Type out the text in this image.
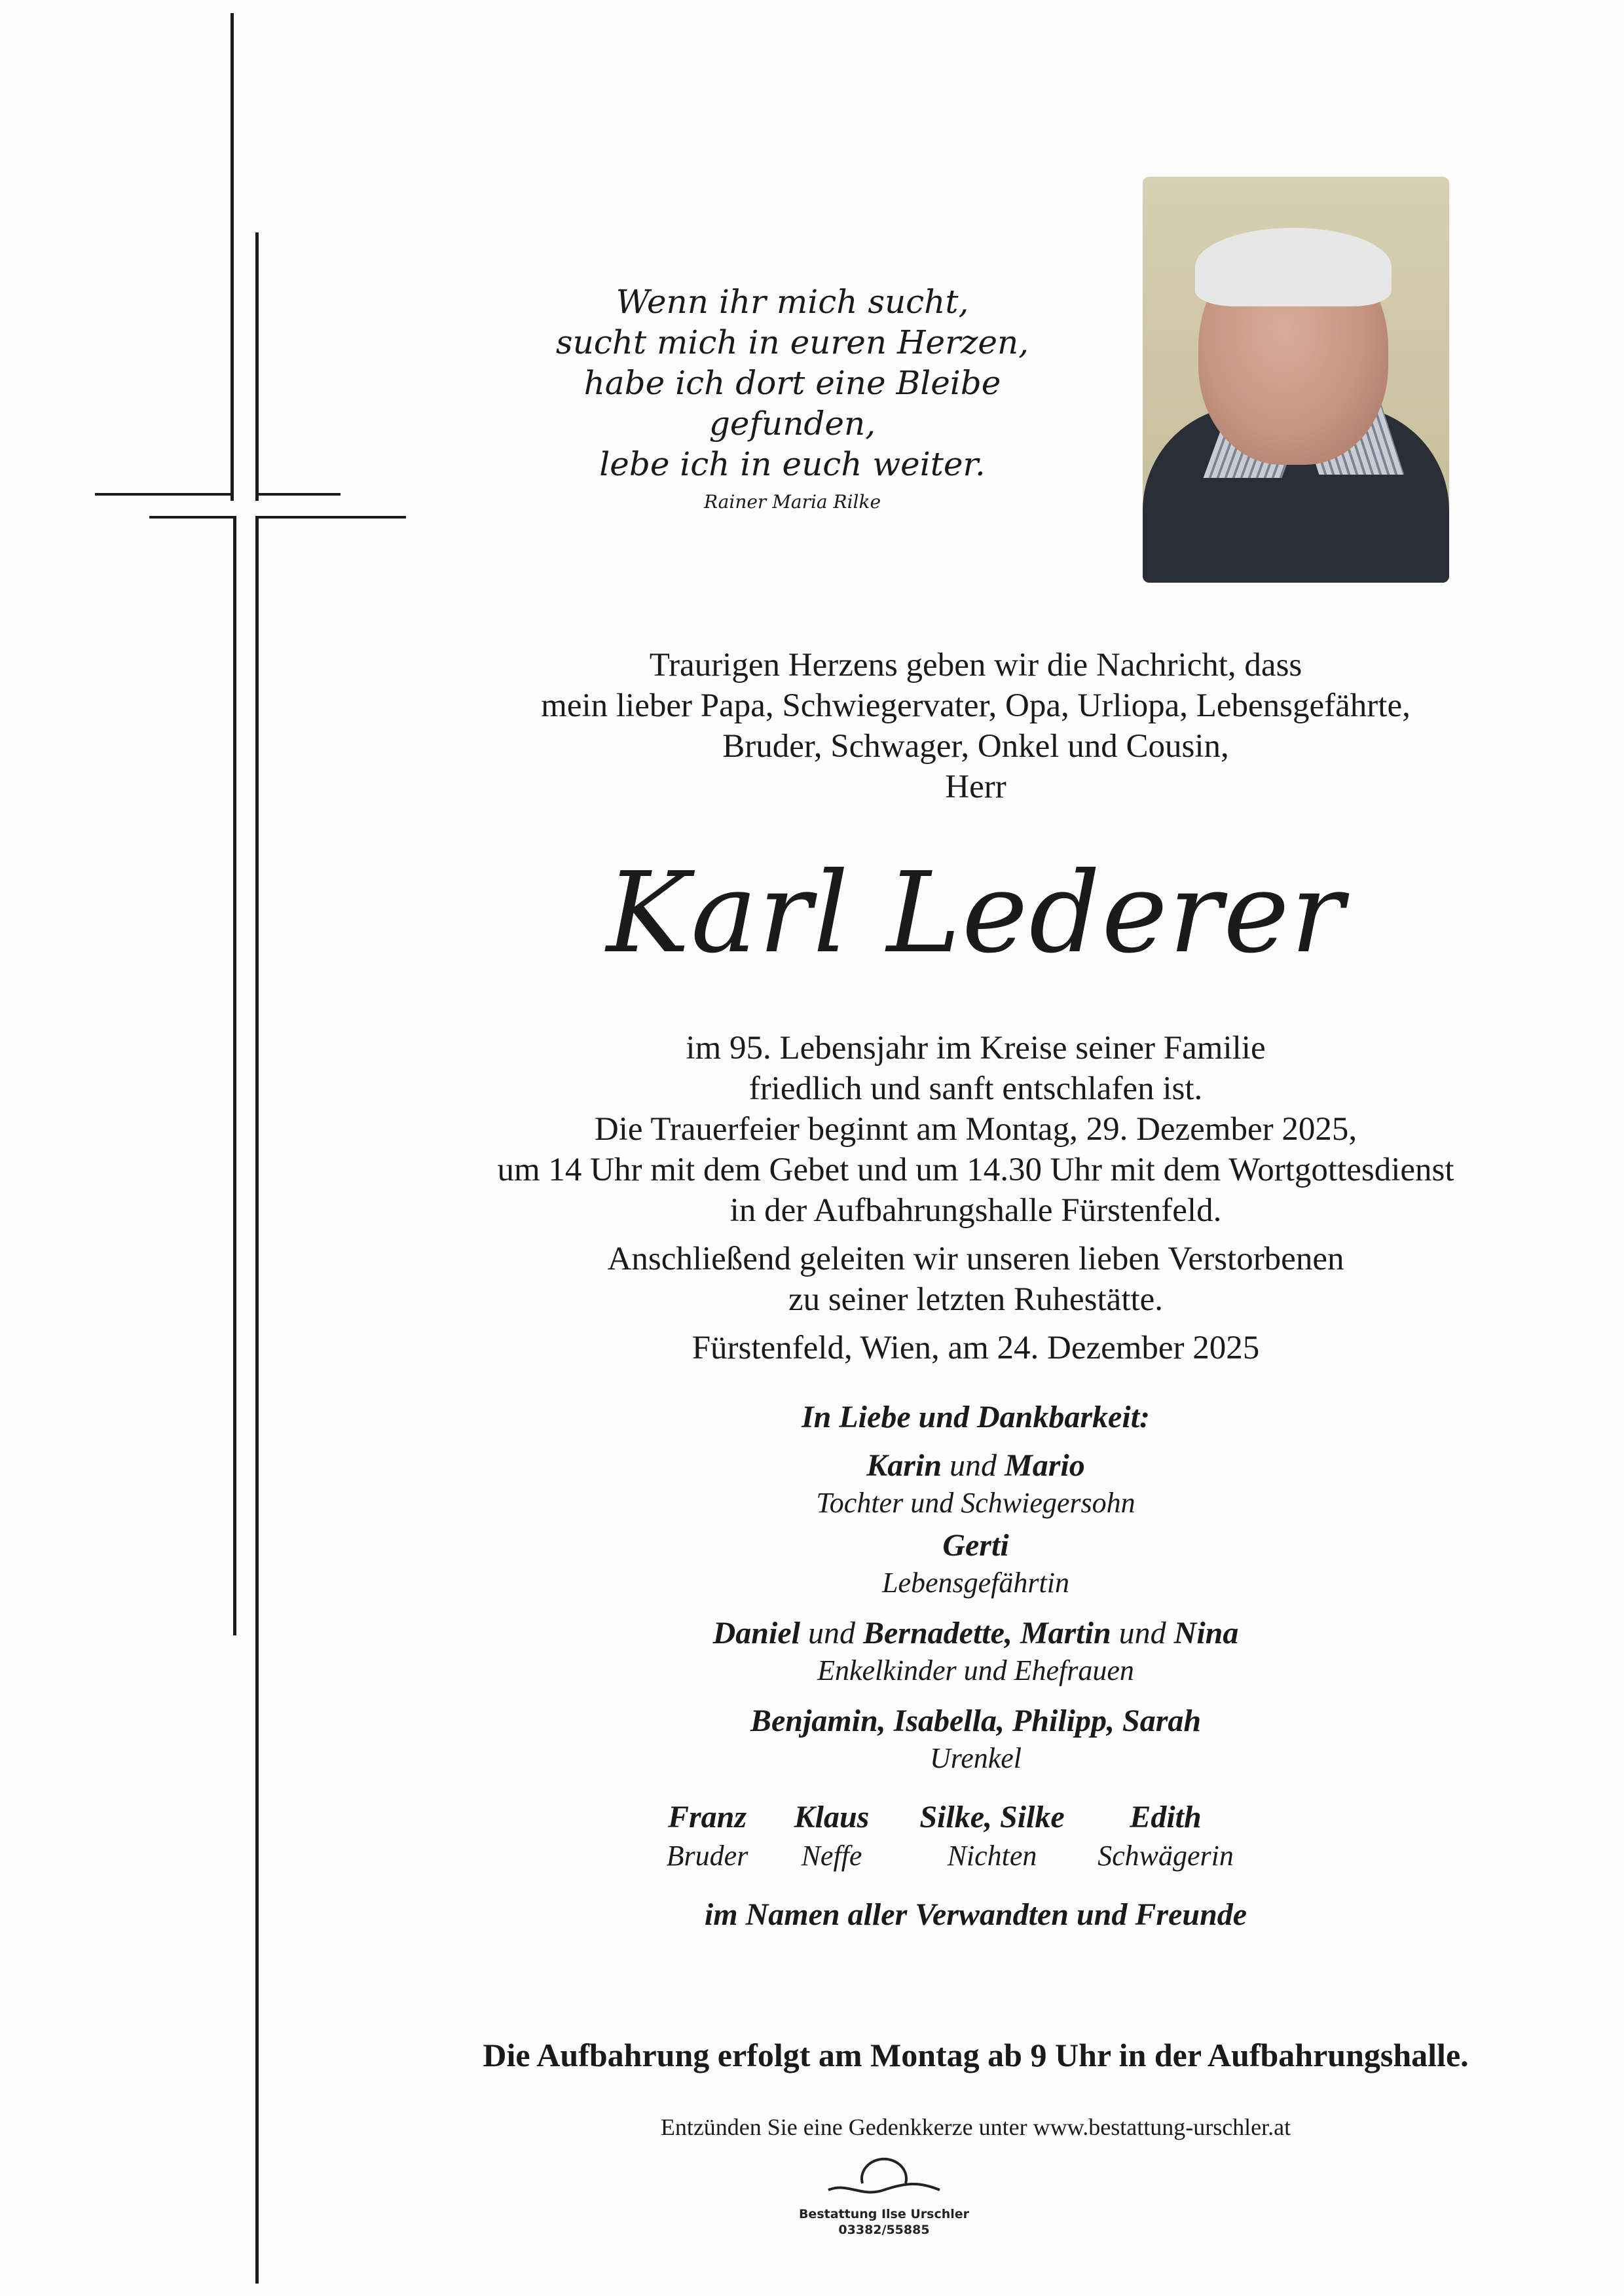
Wenn ihr mich sucht,
sucht mich in euren Herzen,
habe ich dort eine Bleibe gefunden,
lebe ich in euch weiter.
Rainer Maria Rilke
Traurigen Herzens geben wir die Nachricht, dass
mein lieber Papa, Schwiegervater, Opa, Urliopa, Lebensgefährte,
Bruder, Schwager, Onkel und Cousin,
Herr
Karl Lederer
im 95. Lebensjahr im Kreise seiner Familie
friedlich und sanft entschlafen ist.
Die Trauerfeier beginnt am Montag, 29. Dezember 2025,
um 14 Uhr mit dem Gebet und um 14.30 Uhr mit dem Wortgottesdienst
in der Aufbahrungshalle Fürstenfeld.
Anschließend geleiten wir unseren lieben Verstorbenen
zu seiner letzten Ruhestätte.
Fürstenfeld, Wien, am 24. Dezember 2025
In Liebe und Dankbarkeit:
Karin und Mario
Tochter und Schwiegersohn
Gerti
Lebensgefährtin
Daniel und Bernadette, Martin und Nina
Enkelkinder und Ehefrauen
Benjamin, Isabella, Philipp, Sarah
Urenkel
Franz
Bruder
Klaus
Neffe
Silke, Silke
Nichten
Edith
Schwägerin
im Namen aller Verwandten und Freunde
Die Aufbahrung erfolgt am Montag ab 9 Uhr in der Aufbahrungshalle.
Entzünden Sie eine Gedenkkerze unter www.bestattung-urschler.at
Bestattung Ilse Urschler
03382/55885
